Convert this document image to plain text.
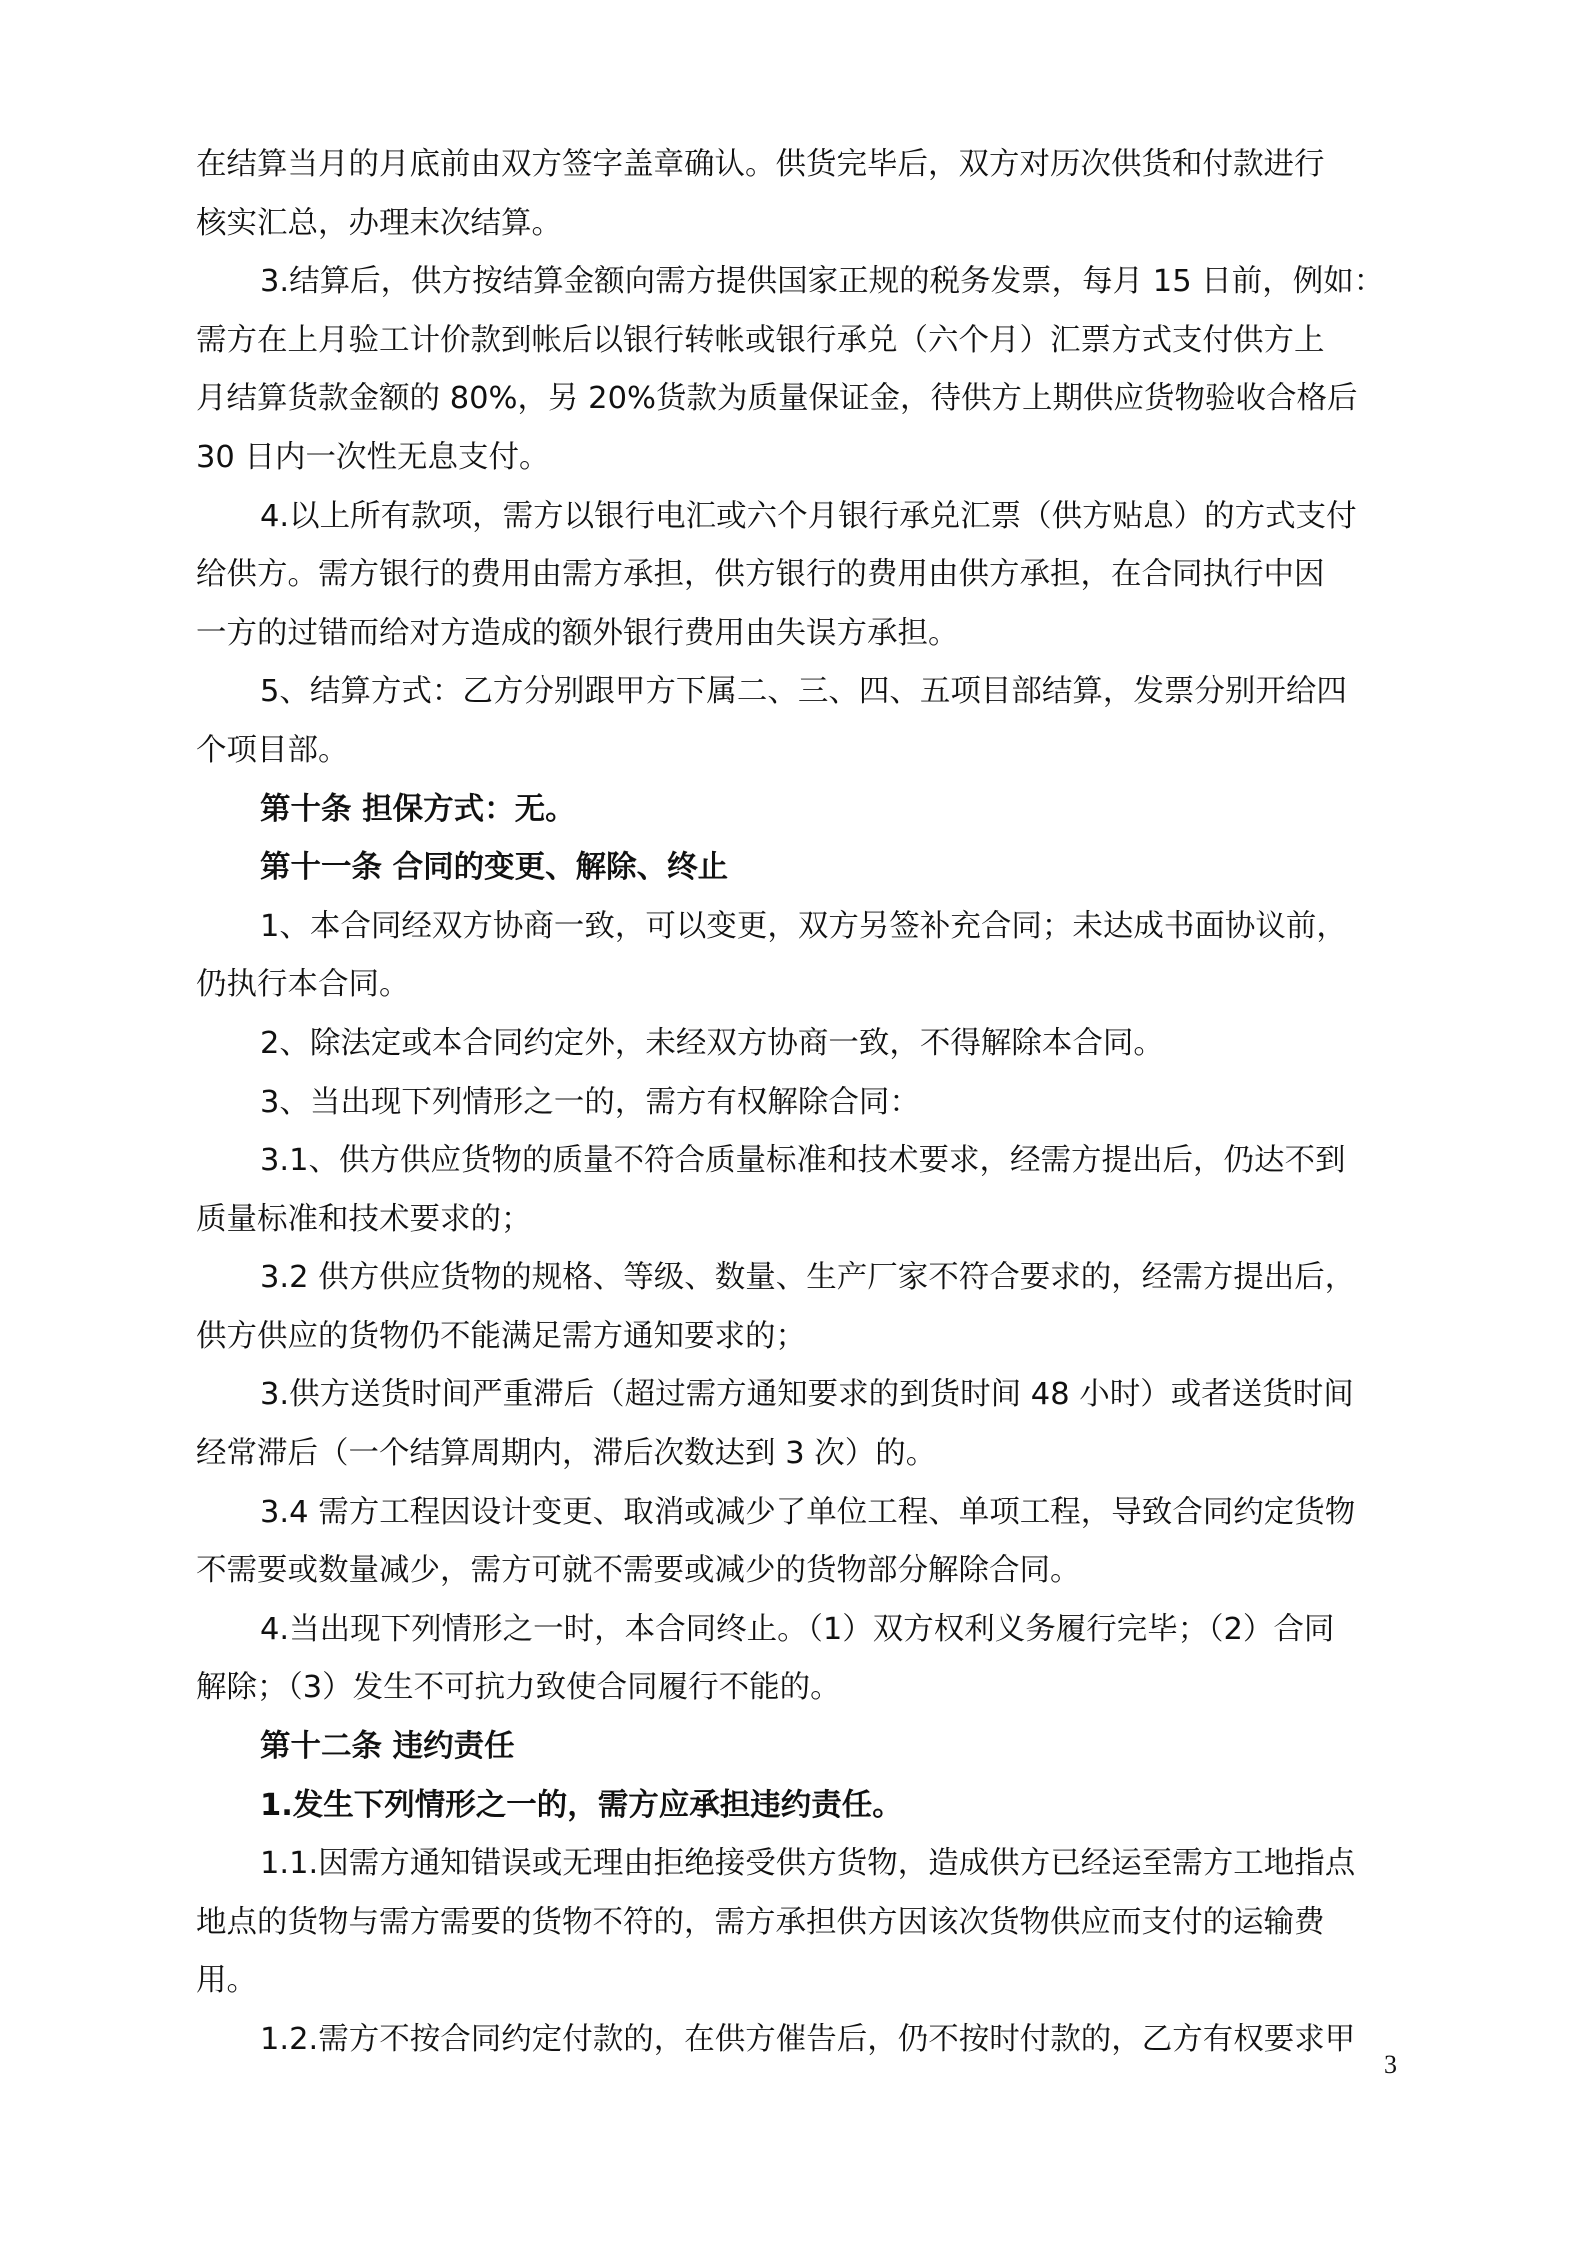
在结算当月的月底前由双方签字盖章确认。供货完毕后，双方对历次供货和付款进行
核实汇总，办理末次结算。
3.结算后，供方按结算金额向需方提供国家正规的税务发票，每月 15 日前，例如：
需方在上月验工计价款到帐后以银行转帐或银行承兑（六个月）汇票方式支付供方上
月结算货款金额的 80%，另 20%货款为质量保证金，待供方上期供应货物验收合格后
30 日内一次性无息支付。
4.以上所有款项，需方以银行电汇或六个月银行承兑汇票（供方贴息）的方式支付
给供方。需方银行的费用由需方承担，供方银行的费用由供方承担，在合同执行中因
一方的过错而给对方造成的额外银行费用由失误方承担。
5、结算方式：乙方分别跟甲方下属二、三、四、五项目部结算，发票分别开给四
个项目部。
第十条 担保方式：无。
第十一条 合同的变更、解除、终止
1、本合同经双方协商一致，可以变更，双方另签补充合同；未达成书面协议前，
仍执行本合同。
2、除法定或本合同约定外，未经双方协商一致，不得解除本合同。
3、当出现下列情形之一的，需方有权解除合同：
3.1、供方供应货物的质量不符合质量标准和技术要求，经需方提出后，仍达不到
质量标准和技术要求的；
3.2 供方供应货物的规格、等级、数量、生产厂家不符合要求的，经需方提出后，
供方供应的货物仍不能满足需方通知要求的；
3.供方送货时间严重滞后（超过需方通知要求的到货时间 48 小时）或者送货时间
经常滞后（一个结算周期内，滞后次数达到 3 次）的。
3.4 需方工程因设计变更、取消或减少了单位工程、单项工程，导致合同约定货物
不需要或数量减少，需方可就不需要或减少的货物部分解除合同。
4.当出现下列情形之一时，本合同终止。（1）双方权利义务履行完毕；（2）合同
解除；（3）发生不可抗力致使合同履行不能的。
第十二条 违约责任
1.发生下列情形之一的，需方应承担违约责任。
1.1.因需方通知错误或无理由拒绝接受供方货物，造成供方已经运至需方工地指点
地点的货物与需方需要的货物不符的，需方承担供方因该次货物供应而支付的运输费
用。
1.2.需方不按合同约定付款的，在供方催告后，仍不按时付款的，乙方有权要求甲
3
